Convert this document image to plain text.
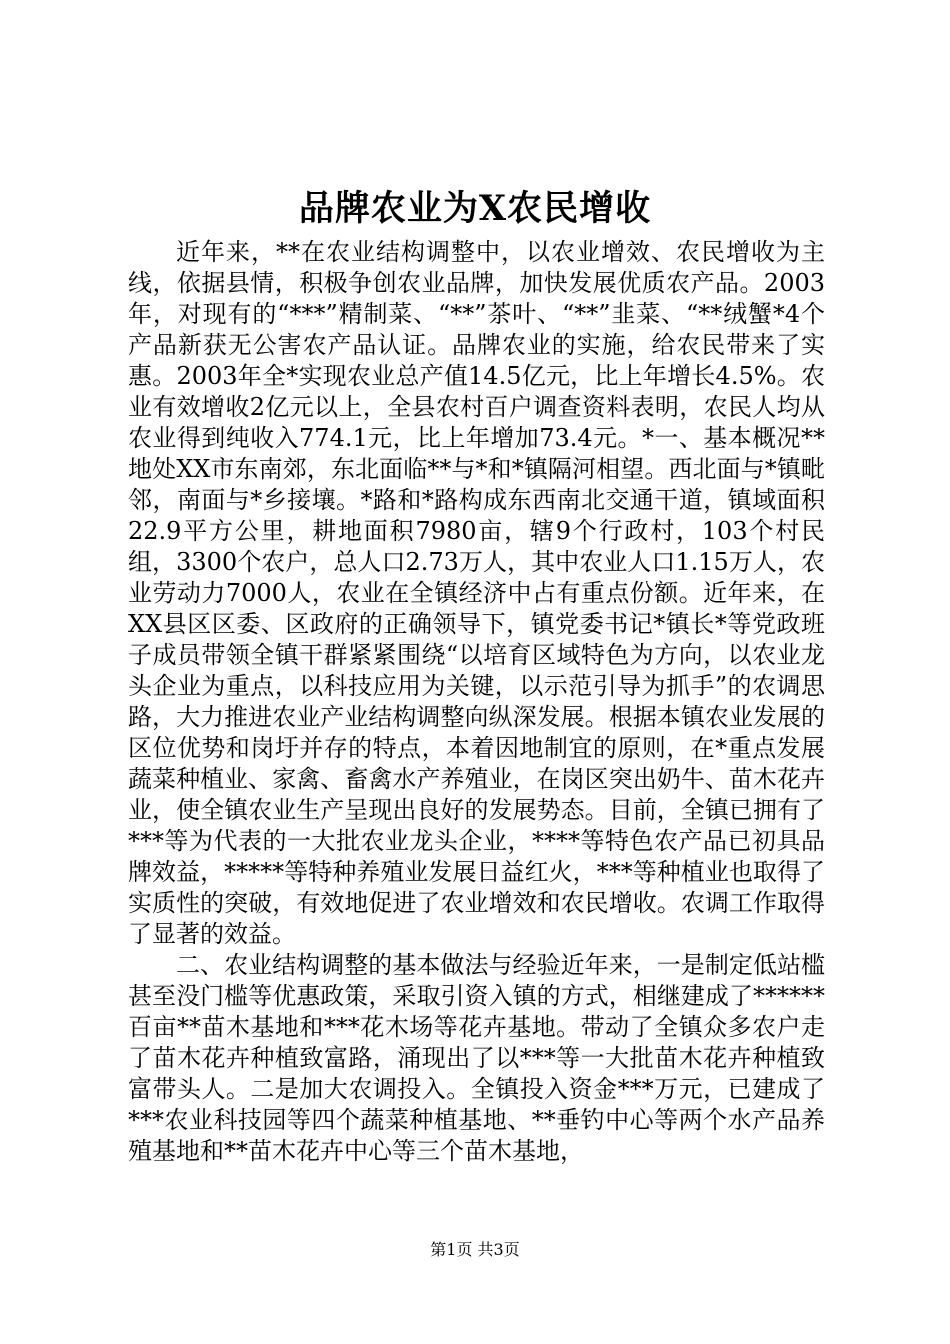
品牌农业为X农民增收

近年来，**在农业结构调整中，以农业增效、农民增收为主线，依据县情，积极争创农业品牌，加快发展优质农产品。2003年，对现有的“***”精制菜、“**”茶叶、“**”韭菜、“**绒蟹*4个产品新获无公害农产品认证。品牌农业的实施，给农民带来了实惠。2003年全*实现农业总产值14.5亿元，比上年增长4.5%。农业有效增收2亿元以上，全县农村百户调查资料表明，农民人均从农业得到纯收入774.1元，比上年增加73.4元。*一、基本概况**地处XX市东南郊，东北面临**与*和*镇隔河相望。西北面与*镇毗邻，南面与*乡接壤。*路和*路构成东西南北交通干道，镇域面积22.9平方公里，耕地面积7980亩，辖9个行政村，103个村民组，3300个农户，总人口2.73万人，其中农业人口1.15万人，农业劳动力7000人，农业在全镇经济中占有重点份额。近年来，在XX县区区委、区政府的正确领导下，镇党委书记*镇长*等党政班子成员带领全镇干群紧紧围绕“以培育区域特色为方向，以农业龙头企业为重点，以科技应用为关键，以示范引导为抓手”的农调思路，大力推进农业产业结构调整向纵深发展。根据本镇农业发展的区位优势和岗圩并存的特点，本着因地制宜的原则，在*重点发展蔬菜种植业、家禽、畜禽水产养殖业，在岗区突出奶牛、苗木花卉业，使全镇农业生产呈现出良好的发展势态。目前，全镇已拥有了***等为代表的一大批农业龙头企业，****等特色农产品已初具品牌效益，*****等特种养殖业发展日益红火，***等种植业也取得了实质性的突破，有效地促进了农业增效和农民增收。农调工作取得了显著的效益。

二、农业结构调整的基本做法与经验近年来，一是制定低站槛甚至没门槛等优惠政策，采取引资入镇的方式，相继建成了******百亩**苗木基地和***花木场等花卉基地。带动了全镇众多农户走了苗木花卉种植致富路，涌现出了以***等一大批苗木花卉种植致富带头人。二是加大农调投入。全镇投入资金***万元，已建成了***农业科技园等四个蔬菜种植基地、**垂钓中心等两个水产品养殖基地和**苗木花卉中心等三个苗木基地，

第1页 共3页
